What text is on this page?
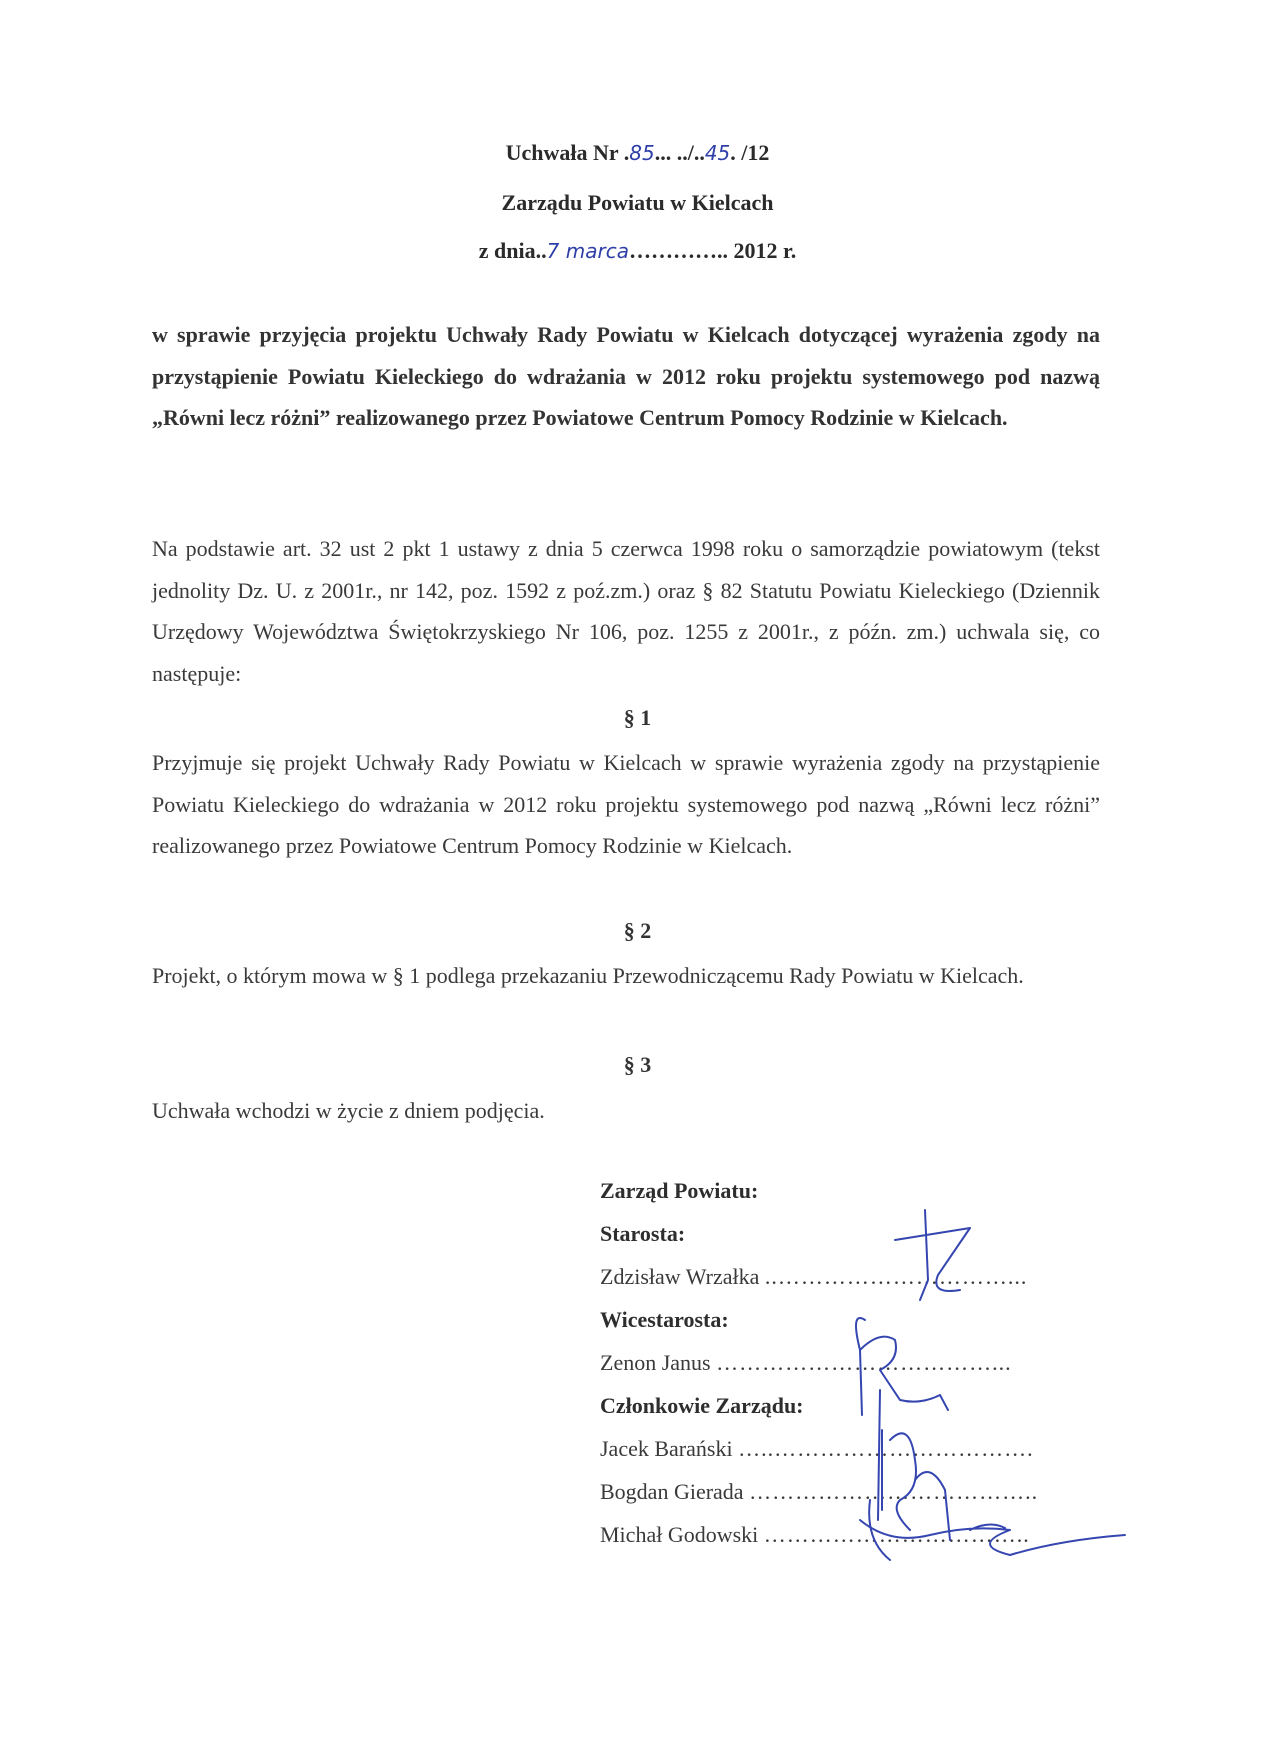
Uchwała Nr .85... ../..45. /12
Zarządu Powiatu w Kielcach
z dnia..7 marca………….. 2012 r.
w sprawie przyjęcia projektu Uchwały Rady Powiatu w Kielcach dotyczącej wyrażenia zgody na przystąpienie Powiatu Kieleckiego do wdrażania w 2012 roku projektu systemowego pod nazwą „Równi lecz różni” realizowanego przez Powiatowe Centrum Pomocy Rodzinie w Kielcach.
Na podstawie art. 32 ust 2 pkt 1 ustawy z dnia 5 czerwca 1998 roku o samorządzie powiatowym (tekst jednolity Dz. U. z 2001r., nr 142, poz. 1592 z poź.zm.) oraz § 82 Statutu Powiatu Kieleckiego (Dziennik Urzędowy Województwa Świętokrzyskiego Nr 106, poz. 1255 z 2001r., z późn. zm.) uchwala się, co następuje:
§ 1
Przyjmuje się projekt Uchwały Rady Powiatu w Kielcach w sprawie wyrażenia zgody na przystąpienie Powiatu Kieleckiego do wdrażania w 2012 roku projektu systemowego pod nazwą „Równi lecz różni” realizowanego przez Powiatowe Centrum Pomocy Rodzinie w Kielcach.
§ 2
Projekt, o którym mowa w § 1 podlega przekazaniu Przewodniczącemu Rady Powiatu w Kielcach.
§ 3
Uchwała wchodzi w życie z dniem podjęcia.
Zarząd Powiatu:
Starosta:
Zdzisław Wrzałka ..…………………………...
Wicestarosta:
Zenon Janus ………………………………...
Członkowie Zarządu:
Jacek Barański …..…………………………….
Bogdan Gierada ………………………………..
Michał Godowski ……………………………..
